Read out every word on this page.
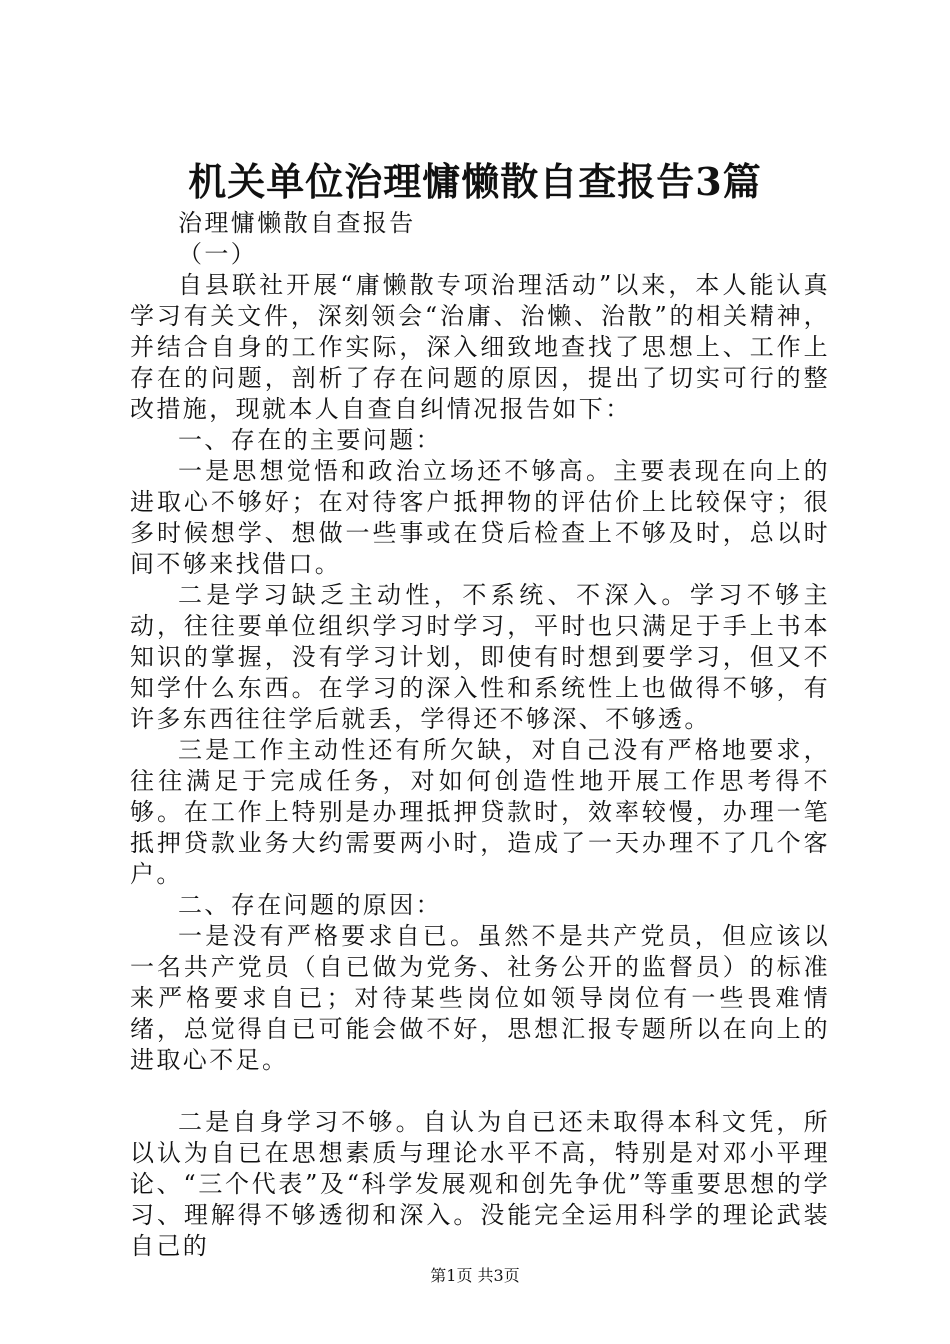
机关单位治理慵懒散自查报告3篇

治理慵懒散自查报告

（一）

自县联社开展“庸懒散专项治理活动”以来，本人能认真学习有关文件，深刻领会“治庸、治懒、治散”的相关精神，并结合自身的工作实际，深入细致地查找了思想上、工作上存在的问题，剖析了存在问题的原因，提出了切实可行的整改措施，现就本人自查自纠情况报告如下：

一、存在的主要问题：

一是思想觉悟和政治立场还不够高。主要表现在向上的进取心不够好；在对待客户抵押物的评估价上比较保守；很多时候想学、想做一些事或在贷后检查上不够及时，总以时间不够来找借口。

二是学习缺乏主动性，不系统、不深入。学习不够主动，往往要单位组织学习时学习，平时也只满足于手上书本知识的掌握，没有学习计划，即使有时想到要学习，但又不知学什么东西。在学习的深入性和系统性上也做得不够，有许多东西往往学后就丢，学得还不够深、不够透。

三是工作主动性还有所欠缺，对自己没有严格地要求，往往满足于完成任务，对如何创造性地开展工作思考得不够。在工作上特别是办理抵押贷款时，效率较慢，办理一笔抵押贷款业务大约需要两小时，造成了一天办理不了几个客户。

二、存在问题的原因：

一是没有严格要求自已。虽然不是共产党员，但应该以一名共产党员（自已做为党务、社务公开的监督员）的标准来严格要求自已；对待某些岗位如领导岗位有一些畏难情绪，总觉得自已可能会做不好，思想汇报专题所以在向上的进取心不足。

二是自身学习不够。自认为自已还未取得本科文凭，所以认为自已在思想素质与理论水平不高，特别是对邓小平理论、“三个代表”及“科学发展观和创先争优”等重要思想的学习、理解得不够透彻和深入。没能完全运用科学的理论武装自己的

第1页 共3页
